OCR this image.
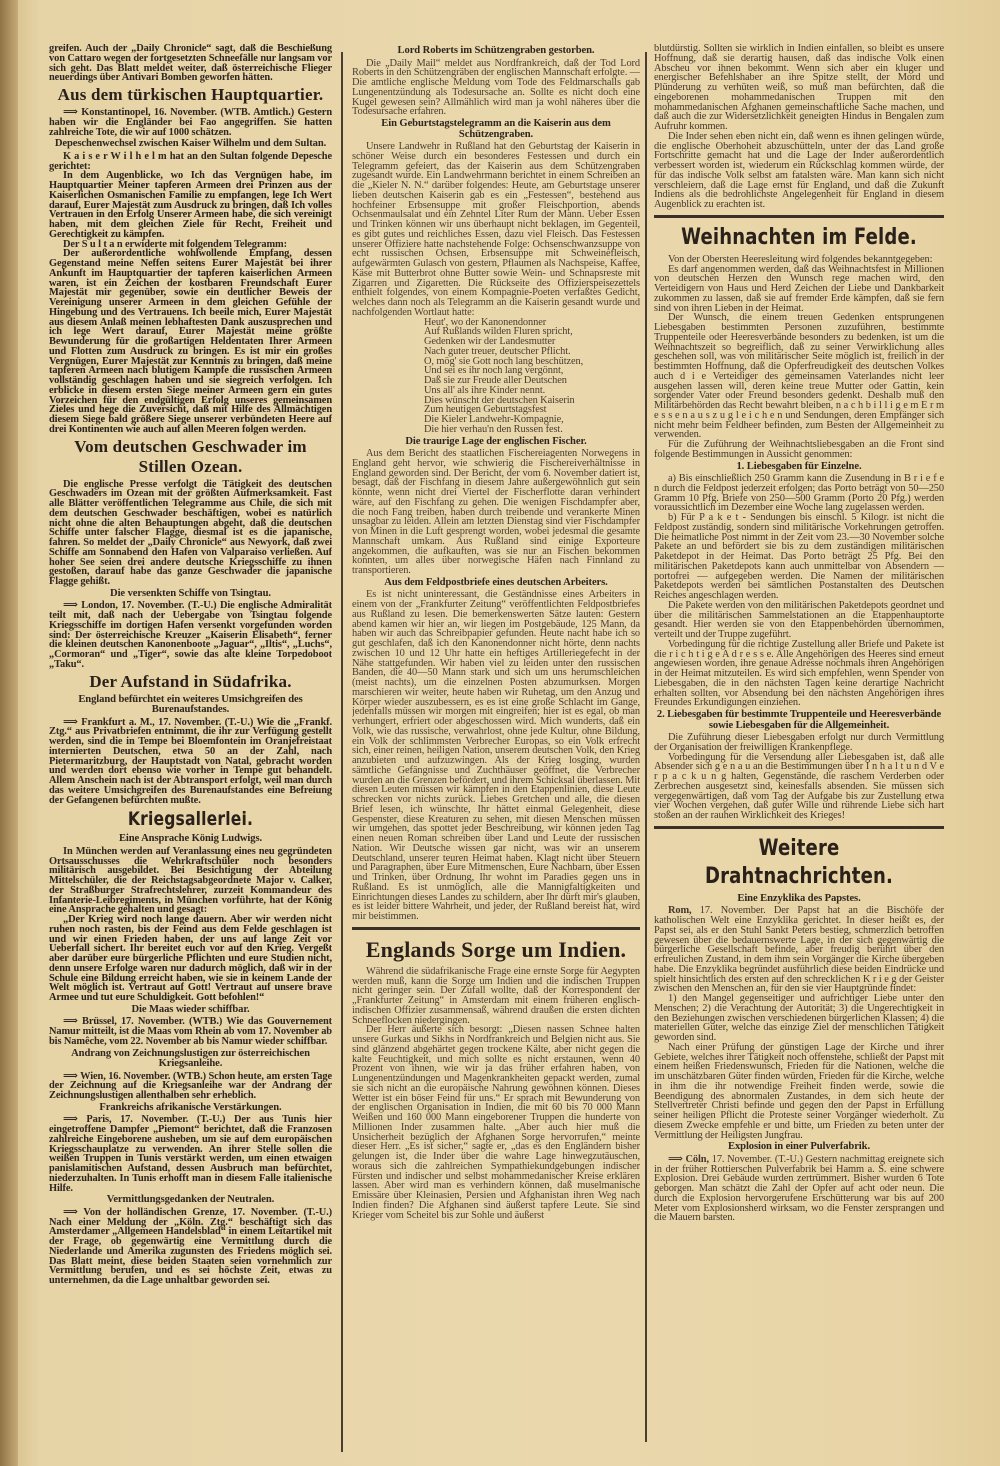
greifen. Auch der „Daily Chronicle“ sagt, daß die Beschießung von Cattaro wegen der fortgesetzten Schneefälle nur langsam vor sich geht. Das Blatt meldet weiter, daß österreichische Flieger neuerdings über Antivari Bomben geworfen hätten.

Aus dem türkischen Hauptquartier.

⟹ Konstantinopel, 16. November. (WTB. Amtlich.) Gestern haben wir die Engländer bei Fao angegriffen. Sie hatten zahlreiche Tote, die wir auf 1000 schätzen.

Depeschenwechsel zwischen Kaiser Wilhelm und dem Sultan.

K a i s e r W i l h e l m hat an den Sultan folgende Depesche gerichtet:

In dem Augenblicke, wo Ich das Vergnügen habe, im Hauptquartier Meiner tapferen Armeen drei Prinzen aus der Kaiserlichen Osmanischen Familie zu empfangen, lege Ich Wert darauf, Eurer Majestät zum Ausdruck zu bringen, daß Ich volles Vertrauen in den Erfolg Unserer Armeen habe, die sich vereinigt haben, mit dem gleichen Ziele für Recht, Freiheit und Gerechtigkeit zu kämpfen.

Der S u l t a n erwiderte mit folgendem Telegramm:

Der außerordentliche wohlwollende Empfang, dessen Gegenstand meine Neffen seitens Eurer Majestät bei ihrer Ankunft im Hauptquartier der tapferen kaiserlichen Armeen waren, ist ein Zeichen der kostbaren Freundschaft Eurer Majestät mir gegenüber, sowie ein deutlicher Beweis der Vereinigung unserer Armeen in dem gleichen Gefühle der Hingebung und des Vertrauens. Ich beeile mich, Eurer Majestät aus diesem Anlaß meinen lebhaftesten Dank auszusprechen und ich lege Wert darauf, Eurer Majestät meine größte Bewunderung für die großartigen Heldentaten Ihrer Armeen und Flotten zum Ausdruck zu bringen. Es ist mir ein großes Vergnügen, Eurer Majestät zur Kenntnis zu bringen, daß meine tapferen Armeen nach blutigem Kampfe die russischen Armeen vollständig geschlagen haben und sie siegreich verfolgen. Ich erblicke in diesem ersten Siege meiner Armeen gern ein gutes Vorzeichen für den endgültigen Erfolg unseres gemeinsamen Zieles und hege die Zuversicht, daß mit Hilfe des Allmächtigen diesem Siege bald größere Siege unserer verbündeten Heere auf drei Kontinenten wie auch auf allen Meeren folgen werden.

Vom deutschen Geschwader im Stillen Ozean.

Die englische Presse verfolgt die Tätigkeit des deutschen Geschwaders im Ozean mit der größten Aufmerksamkeit. Fast alle Blätter veröffentlichen Telegramme aus Chile, die sich mit dem deutschen Geschwader beschäftigen, wobei es natürlich nicht ohne die alten Behauptungen abgeht, daß die deutschen Schiffe unter falscher Flagge, diesmal ist es die japanische, fahren. So meldet der „Daily Chronicle“ aus Newyork, daß zwei Schiffe am Sonnabend den Hafen von Valparaiso verließen. Auf hoher See seien drei andere deutsche Kriegsschiffe zu ihnen gestoßen, darauf habe das ganze Geschwader die japanische Flagge gehißt.

Die versenkten Schiffe von Tsingtau.

⟹ London, 17. November. (T.-U.) Die englische Admiralität teilt mit, daß nach der Uebergabe von Tsingtau folgende Kriegsschiffe im dortigen Hafen versenkt vorgefunden worden sind: Der österreichische Kreuzer „Kaiserin Elisabeth“, ferner die kleinen deutschen Kanonenboote „Jaguar“, „Iltis“, „Luchs“, „Cormoran“ und „Tiger“, sowie das alte kleine Torpedoboot „Taku“.

Der Aufstand in Südafrika.
England befürchtet ein weiteres Umsichgreifen des Burenaufstandes.

⟹ Frankfurt a. M., 17. November. (T.-U.) Wie die „Frankf. Ztg.“ aus Privatbriefen entnimmt, die ihr zur Verfügung gestellt werden, sind die in Tempe bei Bloemfontein im Oranjefreistaat internierten Deutschen, etwa 50 an der Zahl, nach Pietermaritzburg, der Hauptstadt von Natal, gebracht worden und werden dort ebenso wie vorher in Tempe gut behandelt. Allem Anschein nach ist der Abtransport erfolgt, weil man durch das weitere Umsichgreifen des Burenaufstandes eine Befreiung der Gefangenen befürchten mußte.

Kriegsallerlei.
Eine Ansprache König Ludwigs.

In München werden auf Veranlassung eines neu gegründeten Ortsausschusses die Wehrkraftschüler noch besonders militärisch ausgebildet. Bei Besichtigung der Abteilung Mittelschüler, die der Reichstagsabgeordnete Major v. Calker, der Straßburger Strafrechtslehrer, zurzeit Kommandeur des Infanterie-Leibregiments, in München vorführte, hat der König eine Ansprache gehalten und gesagt:

„Der Krieg wird noch lange dauern. Aber wir werden nicht ruhen noch rasten, bis der Feind aus dem Felde geschlagen ist und wir einen Frieden haben, der uns auf lange Zeit vor Ueberfall sichert. Ihr bereitet euch vor auf den Krieg. Vergeßt aber darüber eure bürgerliche Pflichten und eure Studien nicht, denn unsere Erfolge waren nur dadurch möglich, daß wir in der Schule eine Bildung erreicht haben, wie sie in keinem Lande der Welt möglich ist. Vertraut auf Gott! Vertraut auf unsere brave Armee und tut eure Schuldigkeit. Gott befohlen!“

Die Maas wieder schiffbar.

⟹ Brüssel, 17. November. (WTB.) Wie das Gouvernement Namur mitteilt, ist die Maas vom Rhein ab vom 17. November ab bis Namêche, vom 22. November ab bis Namur wieder schiffbar.

Andrang von Zeichnungslustigen zur österreichischen Kriegsanleihe.

⟹ Wien, 16. November. (WTB.) Schon heute, am ersten Tage der Zeichnung auf die Kriegsanleihe war der Andrang der Zeichnungslustigen allenthalben sehr erheblich.

Frankreichs afrikanische Verstärkungen.

⟹ Paris, 17. November. (T.-U.) Der aus Tunis hier eingetroffene Dampfer „Piemont“ berichtet, daß die Franzosen zahlreiche Eingeborene ausheben, um sie auf dem europäischen Kriegsschauplatze zu verwenden. An ihrer Stelle sollen die weißen Truppen in Tunis verstärkt werden, um einen etwaigen panislamitischen Aufstand, dessen Ausbruch man befürchtet, niederzuhalten. In Tunis erhofft man in diesem Falle italienische Hilfe.

Vermittlungsgedanken der Neutralen.

⟹ Von der holländischen Grenze, 17. November. (T.-U.) Nach einer Meldung der „Köln. Ztg.“ beschäftigt sich das Amsterdamer „Allgemeen Handelsblad“ in einem Leitartikel mit der Frage, ob gegenwärtig eine Vermittlung durch die Niederlande und Amerika zugunsten des Friedens möglich sei. Das Blatt meint, diese beiden Staaten seien vornehmlich zur Vermittlung berufen, und es sei höchste Zeit, etwas zu unternehmen, da die Lage unhaltbar geworden sei.

Lord Roberts im Schützengraben gestorben.

Die „Daily Mail“ meldet aus Nordfrankreich, daß der Tod Lord Roberts in den Schützengräben der englischen Mannschaft erfolgte. — Die amtliche englische Meldung vom Tode des Feldmarschalls gab Lungenentzündung als Todesursache an. Sollte es nicht doch eine Kugel gewesen sein? Allmählich wird man ja wohl näheres über die Todesursache erfahren.

Ein Geburtstagstelegramm an die Kaiserin aus dem Schützengraben.

Unsere Landwehr in Rußland hat den Geburtstag der Kaiserin in schöner Weise durch ein besonderes Festessen und durch ein Telegramm gefeiert, das der Kaiserin aus dem Schützengraben zugesandt wurde. Ein Landwehrmann berichtet in einem Schreiben an die „Kieler N. N.“ darüber folgendes: Heute, am Geburtstage unserer lieben deutschen Kaiserin gab es ein „Festessen“, bestehend aus hochfeiner Erbsensuppe mit großer Fleischportion, abends Ochsenmaulsalat und ein Zehntel Liter Rum der Mann. Ueber Essen und Trinken können wir uns überhaupt nicht beklagen, im Gegenteil, es gibt gutes und reichliches Essen, dazu viel Fleisch. Das Festessen unserer Offiziere hatte nachstehende Folge: Ochsenschwanzsuppe von echt russischen Ochsen, Erbsensuppe mit Schweinefleisch, aufgewärmten Gulasch von gestern, Pflaumen als Nachspeise, Kaffee, Käse mit Butterbrot ohne Butter sowie Wein- und Schnapsreste mit Zigarren und Zigaretten. Die Rückseite des Offizierspeisezettels enthielt folgendes, von einem Kompagnie-Poeten verfaßtes Gedicht, welches dann noch als Telegramm an die Kaiserin gesandt wurde und nachfolgenden Wortlaut hatte:

Heut', wo der Kanonendonner
Auf Rußlands wilden Fluren spricht,
Gedenken wir der Landesmutter
Nach guter treuer, deutscher Pflicht.
O, mög' sie Gott noch lang beschützen,
Und sei es ihr noch lang vergönnt,
Daß sie zur Freude aller Deutschen
Uns all' als ihre Kinder nennt.
Dies wünscht der deutschen Kaiserin
Zum heutigen Geburtstagsfest
Die Kieler Landwehr-Kompagnie,
Die hier verhau'n den Russen fest.
Die traurige Lage der englischen Fischer.

Aus dem Bericht des staatlichen Fischereiagenten Norwegens in England geht hervor, wie schwierig die Fischereiverhältnisse in England geworden sind. Der Bericht, der vom 6. November datiert ist, besagt, daß der Fischfang in diesem Jahre außergewöhnlich gut sein könnte, wenn nicht drei Viertel der Fischerflotte daran verhindert wäre, auf den Fischfang zu gehen. Die wenigen Fischdampfer aber, die noch Fang treiben, haben durch treibende und verankerte Minen unsagbar zu leiden. Allein am letzten Dienstag sind vier Fischdampfer von Minen in die Luft gesprengt worden, wobei jedesmal die gesamte Mannschaft umkam. Aus Rußland sind einige Exporteure angekommen, die aufkauften, was sie nur an Fischen bekommen konnten, um alles über norwegische Häfen nach Finnland zu transportieren.

Aus dem Feldpostbriefe eines deutschen Arbeiters.

Es ist nicht uninteressant, die Geständnisse eines Arbeiters in einem von der „Frankfurter Zeitung“ veröffentlichten Feldpostbriefes aus Rußland zu lesen. Die bemerkenswerten Sätze lauten: Gestern abend kamen wir hier an, wir liegen im Postgebäude, 125 Mann, da haben wir auch das Schreibpapier gefunden. Heute nacht habe ich so gut geschlafen, daß ich den Kanonendonner nicht hörte, denn nachts zwischen 10 und 12 Uhr hatte ein heftiges Artilleriegefecht in der Nähe stattgefunden. Wir haben viel zu leiden unter den russischen Banden, die 40—50 Mann stark und sich um uns herumschleichen (meist nachts), um die einzelnen Posten abzumurksen. Morgen marschieren wir weiter, heute haben wir Ruhetag, um den Anzug und Körper wieder auszubessern, es es ist eine große Schlacht im Gange, jedenfalls müssen wir morgen mit eingreifen; hier ist es egal, ob man verhungert, erfriert oder abgeschossen wird. Mich wunderts, daß ein Volk, wie das russische, verwahrlost, ohne jede Kultur, ohne Bildung, ein Volk der schlimmsten Verbrecher Europas, so ein Volk erfrecht sich, einer reinen, heiligen Nation, unserem deutschen Volk, den Krieg anzubieten und aufzuzwingen. Als der Krieg losging, wurden sämtliche Gefängnisse und Zuchthäuser geöffnet, die Verbrecher wurden an die Grenzen befördert, und ihrem Schicksal überlassen. Mit diesen Leuten müssen wir kämpfen in den Etappenlinien, diese Leute schrecken vor nichts zurück. Liebes Gretchen und alle, die diesen Brief lesen, ich wünschte, Ihr hättet einmal Gelegenheit, diese Gespenster, diese Kreaturen zu sehen, mit diesen Menschen müssen wir umgehen, das spottet jeder Beschreibung, wir können jeden Tag einen neuen Roman schreiben über Land und Leute der russischen Nation. Wir Deutsche wissen gar nicht, was wir an unserem Deutschland, unserer teuren Heimat haben. Klagt nicht über Steuern und Paragraphen, über Eure Mitmenschen, Eure Nachbarn, über Essen und Trinken, über Ordnung, Ihr wohnt im Paradies gegen uns in Rußland. Es ist unmöglich, alle die Mannigfaltigkeiten und Einrichtungen dieses Landes zu schildern, aber Ihr dürft mir's glauben, es ist leider bittere Wahrheit, und jeder, der Rußland bereist hat, wird mir beistimmen.

Englands Sorge um Indien.

Während die südafrikanische Frage eine ernste Sorge für Aegypten werden muß, kann die Sorge um Indien und die indischen Truppen nicht geringer sein. Der Zufall wollte, daß der Korrespondent der „Frankfurter Zeitung“ in Amsterdam mit einem früheren englisch-indischen Offizier zusammensaß, während draußen die ersten dichten Schneeflocken niedergingen.

Der Herr äußerte sich besorgt: „Diesen nassen Schnee halten unsere Gurkas und Sikhs in Nordfrankreich und Belgien nicht aus. Sie sind glänzend abgehärtet gegen trockene Kälte, aber nicht gegen die kalte Feuchtigkeit, und mich sollte es nicht erstaunen, wenn 40 Prozent von ihnen, wie wir ja das früher erfahren haben, von Lungenentzündungen und Magenkrankheiten gepackt werden, zumal sie sich nicht an die europäische Nahrung gewöhnen können. Dieses Wetter ist ein böser Feind für uns.“ Er sprach mit Bewunderung von der englischen Organisation in Indien, die mit 60 bis 70 000 Mann Weißen und 160 000 Mann eingeborener Truppen die hunderte von Millionen Inder zusammen halte. „Aber auch hier muß die Unsicherheit bezüglich der Afghanen Sorge hervorrufen,“ meinte dieser Herr. „Es ist sicher,“ sagte er, „das es den Engländern bisher gelungen ist, die Inder über die wahre Lage hinwegzutäuschen, woraus sich die zahlreichen Sympathiekundgebungen indischer Fürsten und indischer und selbst mohammedanischer Kreise erklären lassen. Aber wird man es verhindern können, daß muselmanische Emissäre über Kleinasien, Persien und Afghanistan ihren Weg nach Indien finden? Die Afghanen sind äußerst tapfere Leute. Sie sind Krieger vom Scheitel bis zur Sohle und äußerst

blutdürstig. Sollten sie wirklich in Indien einfallen, so bleibt es unsere Hoffnung, daß sie derartig hausen, daß das indische Volk einen Abscheu vor ihnen bekommt. Wenn sich aber ein kluger und energischer Befehlshaber an ihre Spitze stellt, der Mord und Plünderung zu verhüten weiß, so muß man befürchten, daß die eingeborenen mohammedanischen Truppen mit den mohammedanischen Afghanen gemeinschaftliche Sache machen, und daß auch die zur Widersetzlichkeit geneigten Hindus in Bengalen zum Aufruhr kommen.

Die Inder sehen eben nicht ein, daß wenn es ihnen gelingen würde, die englische Oberhoheit abzuschütteln, unter der das Land große Fortschritte gemacht hat und die Lage der Inder außerordentlich verbessert worden ist, wiederum ein Rückschlag kommen würde, der für das indische Volk selbst am fatalsten wäre. Man kann sich nicht verschleiern, daß die Lage ernst für England, und daß die Zukunft Indiens als die bedrohlichste Angelegenheit für England in diesem Augenblick zu erachten ist.

Weihnachten im Felde.

Von der Obersten Heeresleitung wird folgendes bekanntgegeben:

Es darf angenommen werden, daß das Weihnachtsfest in Millionen von deutschen Herzen den Wunsch rege machen wird, den Verteidigern von Haus und Herd Zeichen der Liebe und Dankbarkeit zukommen zu lassen, daß sie auf fremder Erde kämpfen, daß sie fern sind von ihren Lieben in der Heimat.

Der Wunsch, die einem treuen Gedenken entsprungenen Liebesgaben bestimmten Personen zuzuführen, bestimmte Truppenteile oder Heeresverbände besonders zu bedenken, ist um die Weihnachtszeit so begreiflich, daß zu seiner Verwirklichung alles geschehen soll, was von militärischer Seite möglich ist, freilich in der bestimmten Hoffnung, daß die Opferfreudigkeit des deutschen Volkes auch d i e Verteidiger des gemeinsamen Vaterlandes nicht leer ausgehen lassen will, deren keine treue Mutter oder Gattin, kein sorgender Vater oder Freund besonders gedenkt. Deshalb muß den Militärbehörden das Recht bewahrt bleiben, n a c h b i l l i g e m E r m e s s e n a u s z u g l e i c h e n und Sendungen, deren Empfänger sich nicht mehr beim Feldheer befinden, zum Besten der Allgemeinheit zu verwenden.

Für die Zuführung der Weihnachtsliebesgaben an die Front sind folgende Bestimmungen in Aussicht genommen:

1. Liebesgaben für Einzelne.

a) Bis einschließlich 250 Gramm kann die Zusendung in B r i e f e n durch die Feldpost jederzeit erfolgen; das Porto beträgt von 50—250 Gramm 10 Pfg. Briefe von 250—500 Gramm (Porto 20 Pfg.) werden voraussichtlich im Dezember eine Woche lang zugelassen werden.

b) Für P a k e t - Sendungen bis einschl. 5 Kilogr. ist nicht die Feldpost zuständig, sondern sind militärische Vorkehrungen getroffen. Die heimatliche Post nimmt in der Zeit vom 23.—30 November solche Pakete an und befördert sie bis zu dem zuständigen militärischen Paketdepot in der Heimat. Das Porto beträgt 25 Pfg. Bei den militärischen Paketdepots kann auch unmittelbar von Absendern — portofrei — aufgegeben werden. Die Namen der militärischen Paketdepots werden bei sämtlichen Postanstalten des Deutschen Reiches angeschlagen werden.

Die Pakete werden von den militärischen Paketdepots geordnet und über die militärischen Sammelstationen an die Etappenhauptorte gesandt. Hier werden sie von den Etappenbehörden übernommen, verteilt und der Truppe zugeführt.

Vorbedingung für die richtige Zustellung aller Briefe und Pakete ist die r i c h t i g e A d r e s s e. Alle Angehörigen des Heeres sind erneut angewiesen worden, ihre genaue Adresse nochmals ihren Angehörigen in der Heimat mitzuteilen. Es wird sich empfehlen, wenn Spender von Liebesgaben, die in den nächsten Tagen keine derartige Nachricht erhalten sollten, vor Absendung bei den nächsten Angehörigen ihres Freundes Erkundigungen einziehen.

2. Liebesgaben für bestimmte Truppenteile und Heeresverbände sowie Liebesgaben für die Allgemeinheit.

Die Zuführung dieser Liebesgaben erfolgt nur durch Vermittlung der Organisation der freiwilligen Krankenpflege.

Vorbedingung für die Versendung aller Liebesgaben ist, daß alle Absender sich g e n a u an die Bestimmungen über I n h a l t u n d V e r p a c k u n g halten, Gegenstände, die raschem Verderben oder Zerbrechen ausgesetzt sind, keinesfalls absenden. Sie müssen sich vergegenwärtigen, daß vom Tag der Aufgabe bis zur Zustellung etwa vier Wochen vergehen, daß guter Wille und rührende Liebe sich hart stoßen an der rauhen Wirklichkeit des Krieges!

Weitere Drahtnachrichten.
Eine Enzyklika des Papstes.

Rom, 17. November. Der Papst hat an die Bischöfe der katholischen Welt eine Enzyklika gerichtet. In dieser heißt es, der Papst sei, als er den Stuhl Sankt Peters bestieg, schmerzlich betroffen gewesen über die bedauernswerte Lage, in der sich gegenwärtig die bürgerliche Gesellschaft befinde, aber freudig berührt über den erfreulichen Zustand, in dem ihm sein Vorgänger die Kirche übergeben habe. Die Enzyklika begründet ausführlich diese beiden Eindrücke und spielt hinsichtlich des ersten auf den schrecklichen K r i e g der Geister zwischen den Menschen an, für den sie vier Hauptgründe findet:

1) den Mangel gegenseitiger und aufrichtiger Liebe unter den Menschen; 2) die Verachtung der Autorität; 3) die Ungerechtigkeit in den Beziehungen zwischen verschiedenen bürgerlichen Klassen; 4) die materiellen Güter, welche das einzige Ziel der menschlichen Tätigkeit geworden sind.

Nach einer Prüfung der günstigen Lage der Kirche und ihrer Gebiete, welches ihrer Tätigkeit noch offenstehe, schließt der Papst mit einem heißen Friedenswunsch, Frieden für die Nationen, welche die im unschätzbaren Güter finden würden, Frieden für die Kirche, welche in ihm die ihr notwendige Freiheit finden werde, sowie die Beendigung des abnormalen Zustandes, in dem sich heute der Stellvertreter Christi befinde und gegen den der Papst in Erfüllung seiner heiligen Pflicht die Proteste seiner Vorgänger wiederholt. Zu diesem Zwecke empfehle er und bitte, um Frieden zu beten unter der Vermittlung der Heiligsten Jungfrau.

Explosion in einer Pulverfabrik.

⟹ Cöln, 17. November. (T.-U.) Gestern nachmittag ereignete sich in der früher Rottierschen Pulverfabrik bei Hamm a. S. eine schwere Explosion. Drei Gebäude wurden zertrümmert. Bisher wurden 6 Tote geborgen. Man schätzt die Zahl der Opfer auf acht oder neun. Die durch die Explosion hervorgerufene Erschütterung war bis auf 200 Meter vom Explosionsherd wirksam, wo die Fenster zersprangen und die Mauern barsten.
